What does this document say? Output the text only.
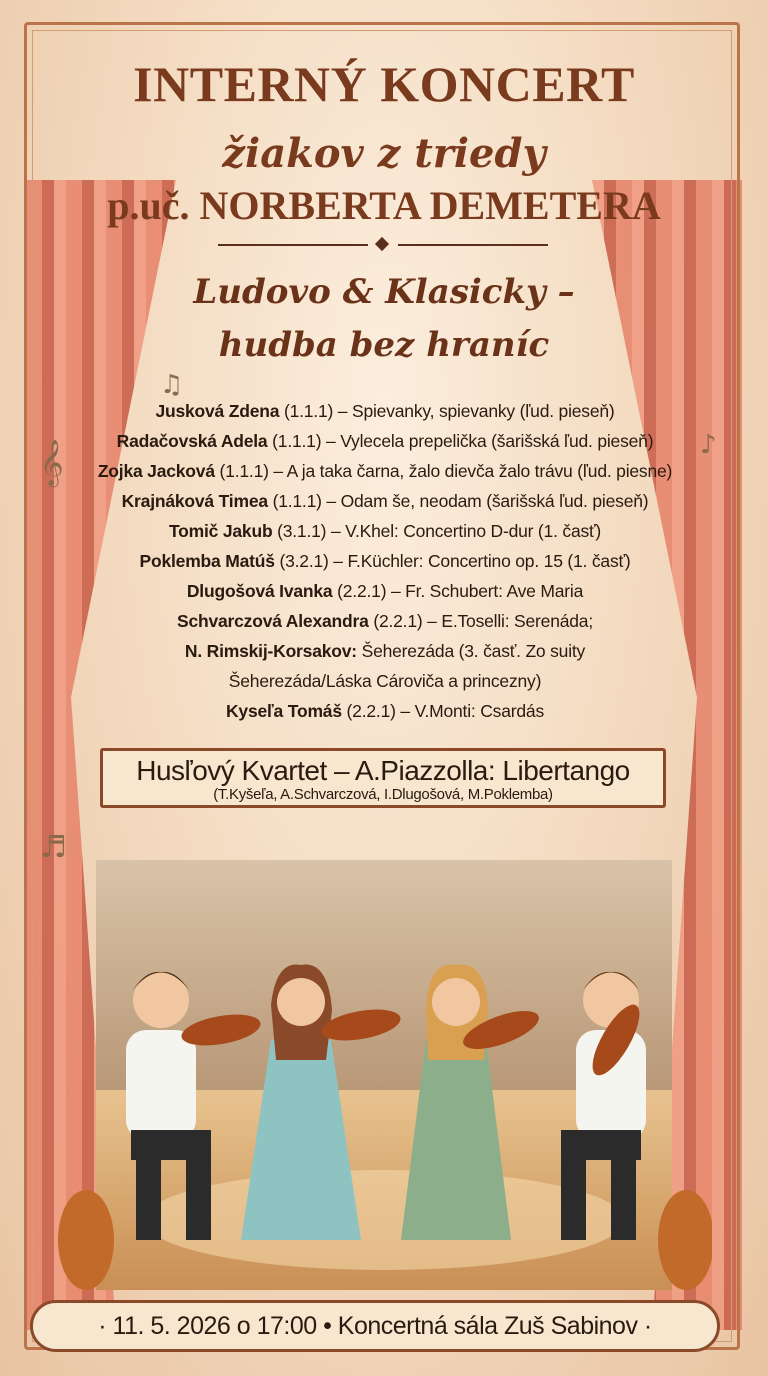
𝄞
♫
♪
♬
INTERNÝ KONCERT
žiakov z triedy
p.uč. NORBERTA DEMETERA
Ludovo & Klasicky –
hudba bez hraníc
Jusková Zdena (1.1.1) – Spievanky, spievanky (ľud. pieseň)
Radačovská Adela (1.1.1) – Vylecela prepelička (šarišská ľud. pieseň)
Zojka Jacková (1.1.1) – A ja taka čarna, žalo dievča žalo trávu (ľud. piesne)
Krajnáková Timea (1.1.1) – Odam še, neodam (šarišská ľud. pieseň)
Tomič Jakub (3.1.1) – V.Khel: Concertino D-dur (1. časť)
Poklemba Matúš (3.2.1) – F.Küchler: Concertino op. 15 (1. časť)
Dlugošová Ivanka (2.2.1) – Fr. Schubert: Ave Maria
Schvarczová Alexandra (2.2.1) – E.Toselli: Serenáda;
N. Rimskij-Korsakov: Šeherezáda (3. časť. Zo suity
Šeherezáda/Láska Cároviča a princezny)
Kyseľa Tomáš (2.2.1) – V.Monti: Csardás
Husľový Kvartet – A.Piazzolla: Libertango
(T.Kyšeľa, A.Schvarczová, I.Dlugošová, M.Poklemba)
· 11. 5. 2026 o 17:00 • Koncertná sála Zuš Sabinov ·
